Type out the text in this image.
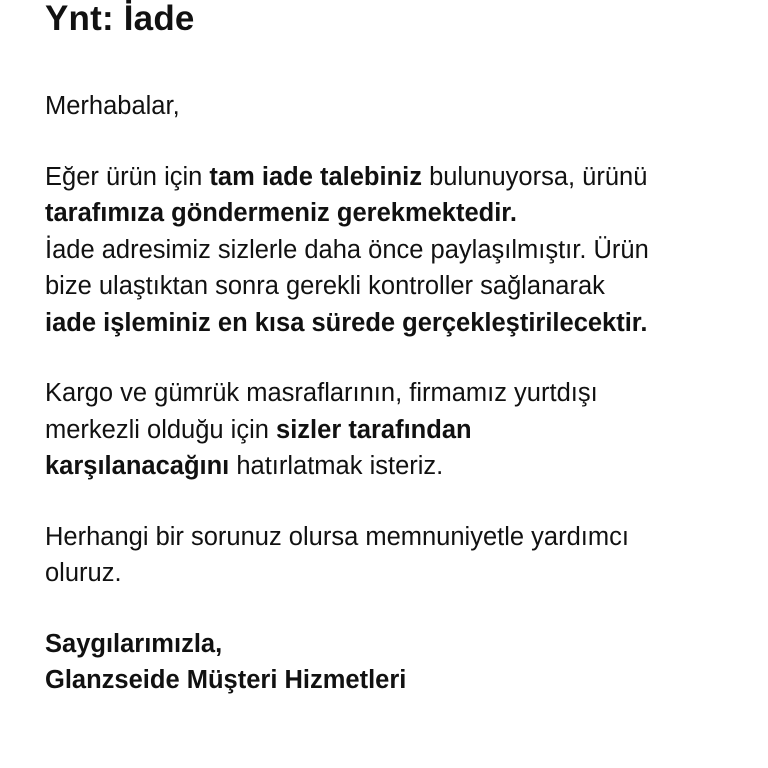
Ynt: İade

Merhabalar,

Eğer ürün için tam iade talebiniz bulunuyorsa, ürünü
tarafımıza göndermeniz gerekmektedir.
İade adresimiz sizlerle daha önce paylaşılmıştır. Ürün
bize ulaştıktan sonra gerekli kontroller sağlanarak
iade işleminiz en kısa sürede gerçekleştirilecektir.

Kargo ve gümrük masraflarının, firmamız yurtdışı
merkezli olduğu için sizler tarafından
karşılanacağını hatırlatmak isteriz.

Herhangi bir sorunuz olursa memnuniyetle yardımcı
oluruz.

Saygılarımızla,
Glanzseide Müşteri Hizmetleri
